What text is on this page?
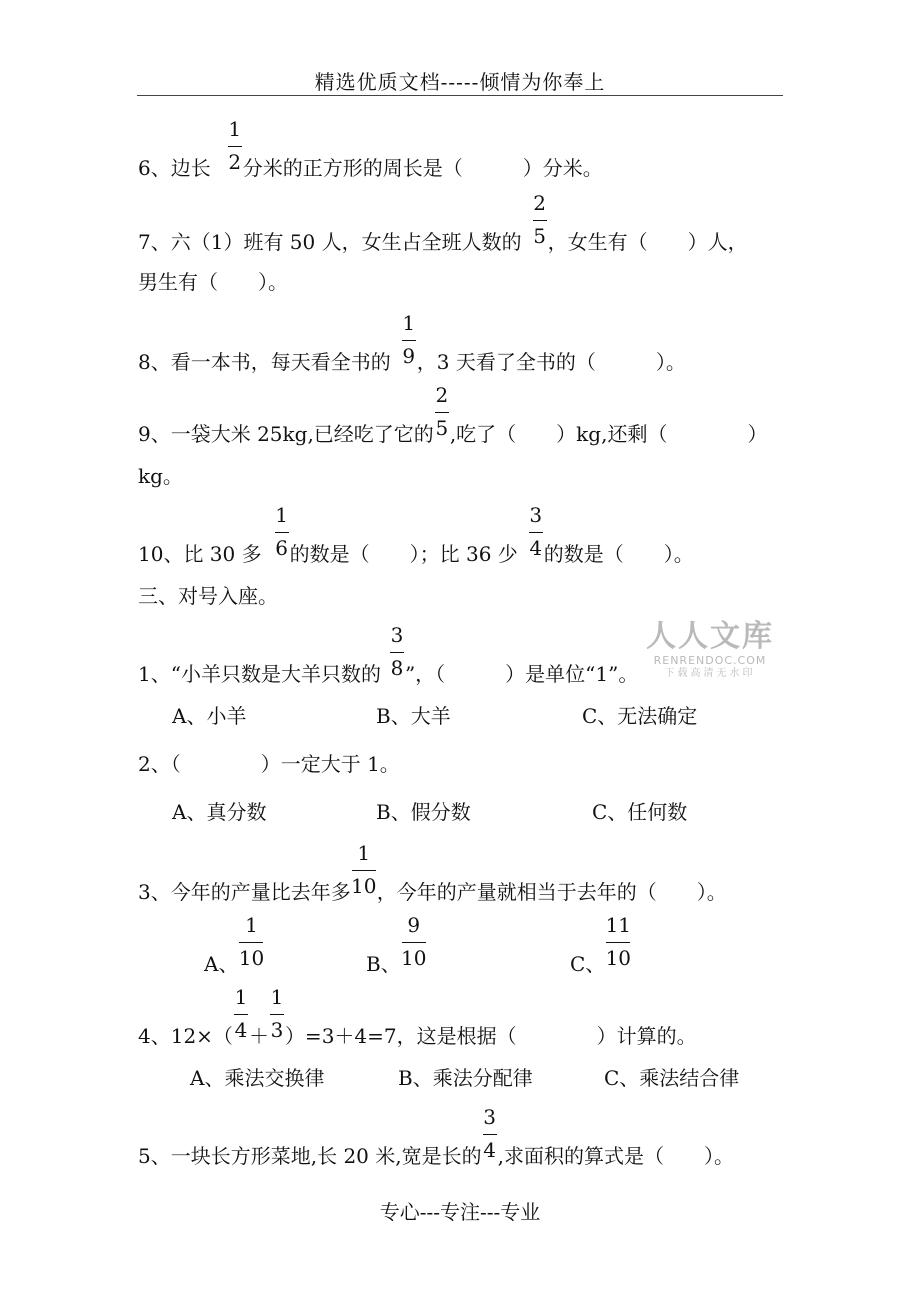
精选优质文档-----倾情为你奉上
6、边长 $\frac{1}{2}$ 分米的正方形的周长是（　　　）分米。
7、六（1）班有 50 人，女生占全班人数的 $\frac{2}{5}$ ，女生有（　　）人，
男生有（　　）。
8、看一本书，每天看全书的 $\frac{1}{9}$ ，3 天看了全书的（　　　）。
9、一袋大米 25kg,已经吃了它的 $\frac{2}{5}$ ,吃了（　　）kg,还剩（　　　　）
kg。
10、比 30 多 $\frac{1}{6}$ 的数是（　　）；比 36 少 $\frac{3}{4}$ 的数是（　　）。
三、对号入座。
1、“小羊只数是大羊只数的 $\frac{3}{8}$ ”，（　　　）是单位“1”。
A、小羊	B、大羊	C、无法确定
2、（　　　　）一定大于 1。
A、真分数	B、假分数	C、任何数
3、今年的产量比去年多 $\frac{1}{10}$ ，今年的产量就相当于去年的（　　）。
A、 $\frac{1}{10}$	B、 $\frac{9}{10}$	C、 $\frac{11}{10}$
4、$12\times( \frac{1}{4} + \frac{1}{3} )=3+4=7$，这是根据（　　　　）计算的。
A、乘法交换律	B、乘法分配律	C、乘法结合律
5、一块长方形菜地,长 20 米,宽是长的 $\frac{3}{4}$ ,求面积的算式是（　　）。
人人文库
RENRENDOC.COM
下载高清无水印
专心---专注---专业
